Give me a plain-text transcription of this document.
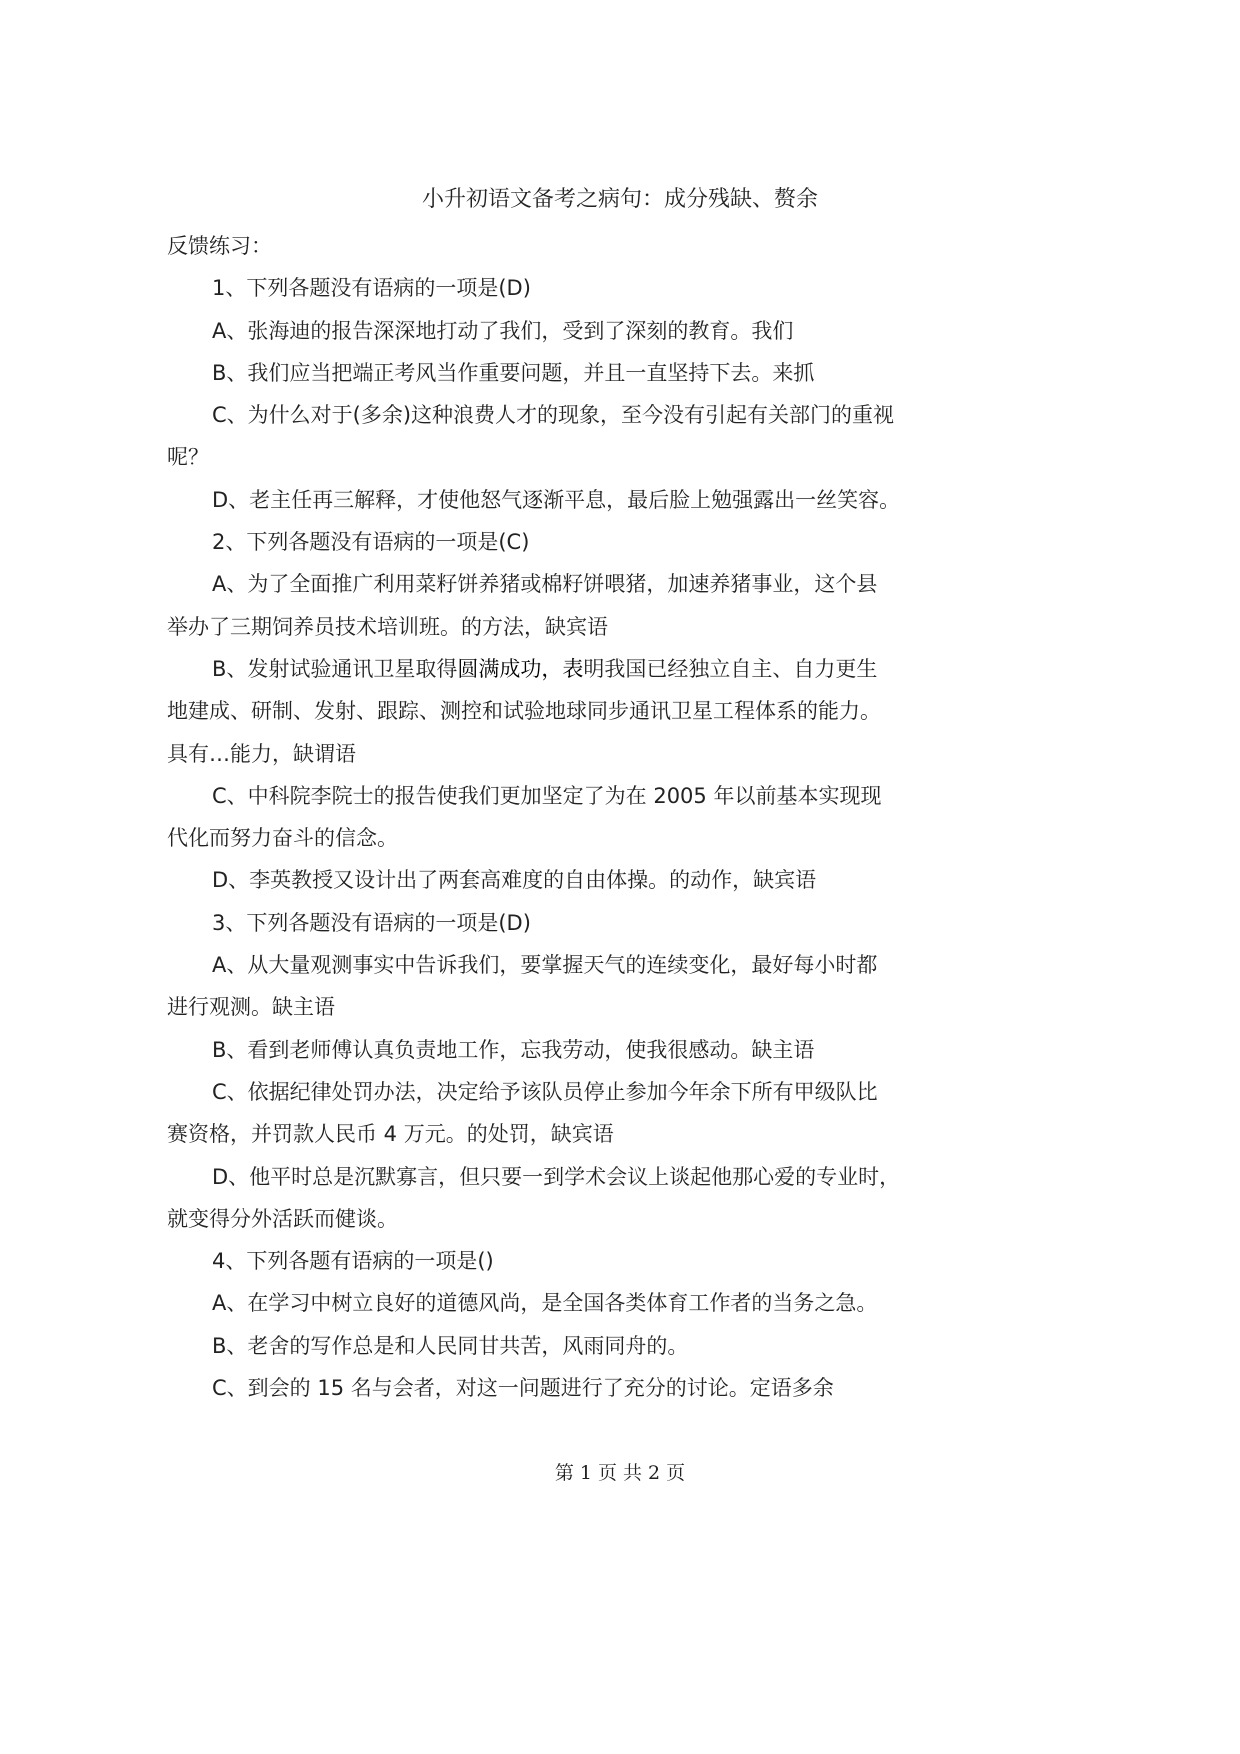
小升初语文备考之病句：成分残缺、赘余

反馈练习：

1、下列各题没有语病的一项是(D)

A、张海迪的报告深深地打动了我们，受到了深刻的教育。我们

B、我们应当把端正考风当作重要问题，并且一直坚持下去。来抓

C、为什么对于(多余)这种浪费人才的现象，至今没有引起有关部门的重视

呢？

D、老主任再三解释，才使他怒气逐渐平息，最后脸上勉强露出一丝笑容。

2、下列各题没有语病的一项是(C)

A、为了全面推广利用菜籽饼养猪或棉籽饼喂猪，加速养猪事业，这个县

举办了三期饲养员技术培训班。的方法，缺宾语

B、发射试验通讯卫星取得圆满成功，表明我国已经独立自主、自力更生

地建成、研制、发射、跟踪、测控和试验地球同步通讯卫星工程体系的能力。

具有…能力，缺谓语

C、中科院李院士的报告使我们更加坚定了为在 2005 年以前基本实现现

代化而努力奋斗的信念。

D、李英教授又设计出了两套高难度的自由体操。的动作，缺宾语

3、下列各题没有语病的一项是(D)

A、从大量观测事实中告诉我们，要掌握天气的连续变化，最好每小时都

进行观测。缺主语

B、看到老师傅认真负责地工作，忘我劳动，使我很感动。缺主语

C、依据纪律处罚办法，决定给予该队员停止参加今年余下所有甲级队比

赛资格，并罚款人民币 4 万元。的处罚，缺宾语

D、他平时总是沉默寡言，但只要一到学术会议上谈起他那心爱的专业时，

就变得分外活跃而健谈。

4、下列各题有语病的一项是()

A、在学习中树立良好的道德风尚，是全国各类体育工作者的当务之急。

B、老舍的写作总是和人民同甘共苦，风雨同舟的。

C、到会的 15 名与会者，对这一问题进行了充分的讨论。定语多余

第 1 页 共 2 页
